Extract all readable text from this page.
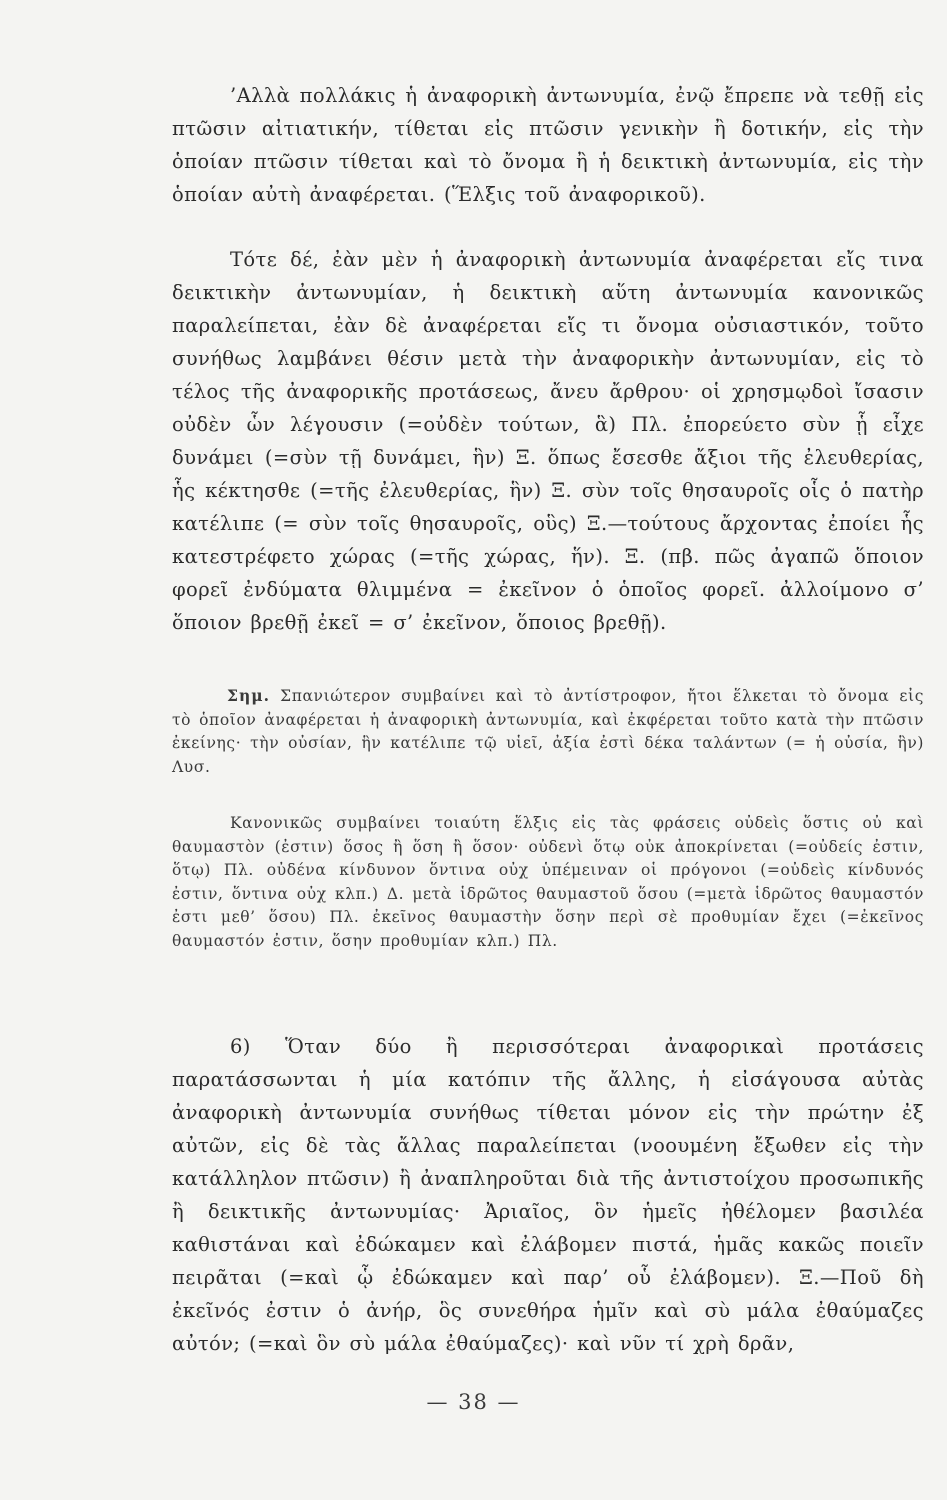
’Αλλὰ πολλάκις ἡ ἀναφορικὴ ἀντωνυμία, ἐνῷ ἔπρεπε νὰ τεθῇ εἰς πτῶσιν αἰτιατικήν, τίθεται εἰς πτῶσιν γενικὴν ἢ δοτικήν, εἰς τὴν ὁποίαν πτῶσιν τίθεται καὶ τὸ ὄνομα ἢ ἡ δεικτικὴ ἀντωνυμία, εἰς τὴν ὁποίαν αὐτὴ ἀναφέρεται. (Ἕλξις τοῦ ἀναφορικοῦ).

Τότε δέ, ἐὰν μὲν ἡ ἀναφορικὴ ἀντωνυμία ἀναφέρεται εἴς τινα δεικτικὴν ἀντωνυμίαν, ἡ δεικτικὴ αὕτη ἀντωνυμία κανονικῶς παραλείπεται, ἐὰν δὲ ἀναφέρεται εἴς τι ὄνομα οὐσιαστικόν, τοῦτο συνήθως λαμβάνει θέσιν μετὰ τὴν ἀναφορικὴν ἀντωνυμίαν, εἰς τὸ τέλος τῆς ἀναφορικῆς προτάσεως, ἄνευ ἄρθρου· οἱ χρησμῳδοὶ ἴσασιν οὐδὲν ὧν λέγουσιν (=οὐδὲν τούτων, ἃ) Πλ. ἐπορεύετο σὺν ᾗ εἶχε δυνάμει (=σὺν τῇ δυνάμει, ἣν) Ξ. ὅπως ἔσεσθε ἄξιοι τῆς ἐλευθερίας, ἧς κέκτησθε (=τῆς ἐλευθερίας, ἣν) Ξ. σὺν τοῖς θησαυροῖς οἷς ὁ πατὴρ κατέλιπε (= σὺν τοῖς θησαυροῖς, οὓς) Ξ.—τούτους ἄρχοντας ἐποίει ἧς κατεστρέφετο χώρας (=τῆς χώρας, ἥν). Ξ. (πβ. πῶς ἀγαπῶ ὅποιον φορεῖ ἐνδύματα θλιμμένα = ἐκεῖνον ὁ ὁποῖος φορεῖ. ἀλλοίμονο σ’ ὅποιον βρεθῇ ἐκεῖ = σ’ ἐκεῖνον, ὅποιος βρεθῇ).

Σημ. Σπανιώτερον συμβαίνει καὶ τὸ ἀντίστροφον, ἤτοι ἕλκεται τὸ ὄνομα εἰς τὸ ὁποῖον ἀναφέρεται ἡ ἀναφορικὴ ἀντωνυμία, καὶ ἐκφέρεται τοῦτο κατὰ τὴν πτῶσιν ἐκείνης· τὴν οὐσίαν, ἣν κατέλιπε τῷ υἱεῖ, ἀξία ἐστὶ δέκα ταλάντων (= ἡ οὐσία, ἣν) Λυσ.

Κανονικῶς συμβαίνει τοιαύτη ἕλξις εἰς τὰς φράσεις οὐδεὶς ὅστις οὐ καὶ θαυμαστὸν (ἐστιν) ὅσος ἢ ὅση ἢ ὅσον· οὐδενὶ ὅτῳ οὐκ ἀποκρίνεται (=οὐδείς ἐστιν, ὅτῳ) Πλ. οὐδένα κίνδυνον ὅντινα οὐχ ὑπέμειναν οἱ πρόγονοι (=οὐδεὶς κίνδυνός ἐστιν, ὅντινα οὐχ κλπ.) Δ. μετὰ ἱδρῶτος θαυμαστοῦ ὅσου (=μετὰ ἱδρῶτος θαυμαστόν ἐστι μεθ’ ὅσου) Πλ. ἐκεῖνος θαυμαστὴν ὅσην περὶ σὲ προθυμίαν ἔχει (=ἐκεῖνος θαυμαστόν ἐστιν, ὅσην προθυμίαν κλπ.) Πλ.

6) Ὅταν δύο ἢ περισσότεραι ἀναφορικαὶ προτάσεις παρατάσσωνται ἡ μία κατόπιν τῆς ἄλλης, ἡ εἰσάγουσα αὐτὰς ἀναφορικὴ ἀντωνυμία συνήθως τίθεται μόνον εἰς τὴν πρώτην ἐξ αὐτῶν, εἰς δὲ τὰς ἄλλας παραλείπεται (νοουμένη ἔξωθεν εἰς τὴν κατάλληλον πτῶσιν) ἢ ἀναπληροῦται διὰ τῆς ἀντιστοίχου προσωπικῆς ἢ δεικτικῆς ἀντωνυμίας· Ἀριαῖος, ὃν ἡμεῖς ἠθέλομεν βασιλέα καθιστάναι καὶ ἐδώκαμεν καὶ ἐλάβομεν πιστά, ἡμᾶς κακῶς ποιεῖν πειρᾶται (=καὶ ᾧ ἐδώκαμεν καὶ παρ’ οὗ ἐλάβομεν). Ξ.—Ποῦ δὴ ἐκεῖνός ἐστιν ὁ ἀνήρ, ὃς συνεθήρα ἡμῖν καὶ σὺ μάλα ἐθαύμαζες αὐτόν; (=καὶ ὃν σὺ μάλα ἐθαύμαζες)· καὶ νῦν τί χρὴ δρᾶν,

— 38 —
